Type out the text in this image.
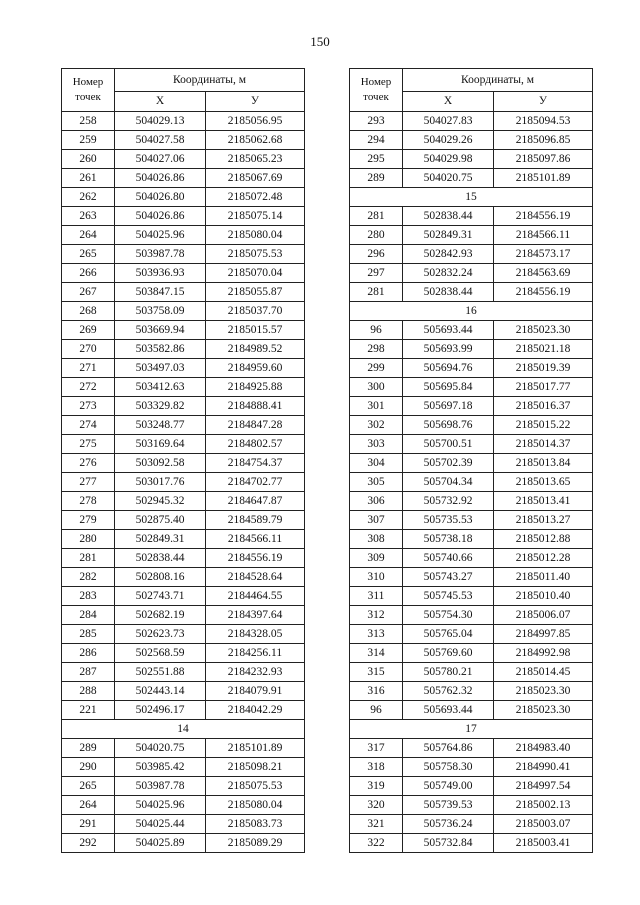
150
Номер
точек	Координаты, м	
	X	У
258	504029.13	2185056.95
259	504027.58	2185062.68
260	504027.06	2185065.23
261	504026.86	2185067.69
262	504026.80	2185072.48
263	504026.86	2185075.14
264	504025.96	2185080.04
265	503987.78	2185075.53
266	503936.93	2185070.04
267	503847.15	2185055.87
268	503758.09	2185037.70
269	503669.94	2185015.57
270	503582.86	2184989.52
271	503497.03	2184959.60
272	503412.63	2184925.88
273	503329.82	2184888.41
274	503248.77	2184847.28
275	503169.64	2184802.57
276	503092.58	2184754.37
277	503017.76	2184702.77
278	502945.32	2184647.87
279	502875.40	2184589.79
280	502849.31	2184566.11
281	502838.44	2184556.19
282	502808.16	2184528.64
283	502743.71	2184464.55
284	502682.19	2184397.64
285	502623.73	2184328.05
286	502568.59	2184256.11
287	502551.88	2184232.93
288	502443.14	2184079.91
221	502496.17	2184042.29
14		
289	504020.75	2185101.89
290	503985.42	2185098.21
265	503987.78	2185075.53
264	504025.96	2185080.04
291	504025.44	2185083.73
292	504025.89	2185089.29
Номер
точек	Координаты, м	
	X	У
293	504027.83	2185094.53
294	504029.26	2185096.85
295	504029.98	2185097.86
289	504020.75	2185101.89
15		
281	502838.44	2184556.19
280	502849.31	2184566.11
296	502842.93	2184573.17
297	502832.24	2184563.69
281	502838.44	2184556.19
16		
96	505693.44	2185023.30
298	505693.99	2185021.18
299	505694.76	2185019.39
300	505695.84	2185017.77
301	505697.18	2185016.37
302	505698.76	2185015.22
303	505700.51	2185014.37
304	505702.39	2185013.84
305	505704.34	2185013.65
306	505732.92	2185013.41
307	505735.53	2185013.27
308	505738.18	2185012.88
309	505740.66	2185012.28
310	505743.27	2185011.40
311	505745.53	2185010.40
312	505754.30	2185006.07
313	505765.04	2184997.85
314	505769.60	2184992.98
315	505780.21	2185014.45
316	505762.32	2185023.30
96	505693.44	2185023.30
17		
317	505764.86	2184983.40
318	505758.30	2184990.41
319	505749.00	2184997.54
320	505739.53	2185002.13
321	505736.24	2185003.07
322	505732.84	2185003.41
